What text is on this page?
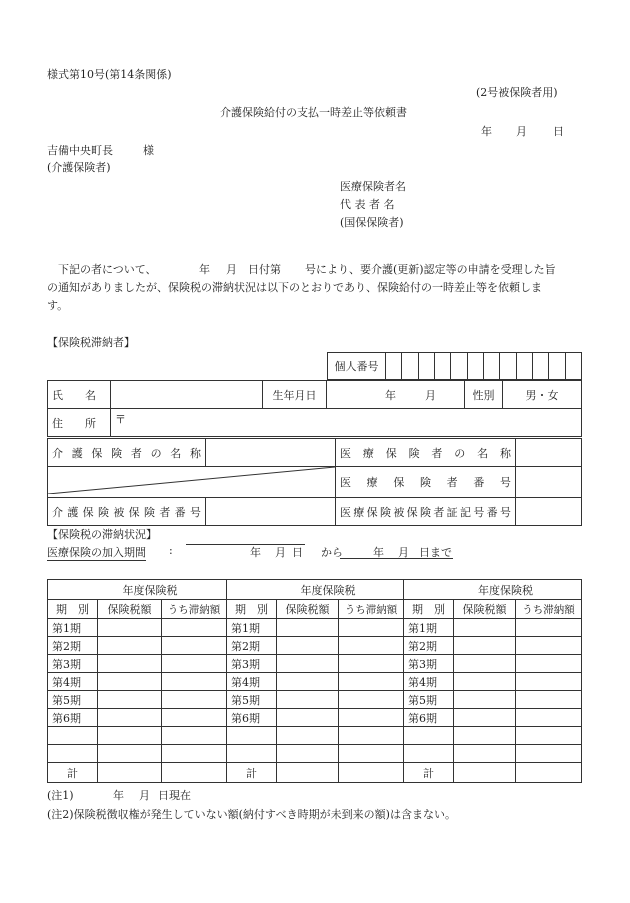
様式第10号(第14条関係)
(2号被保険者用)
介護保険給付の支払一時差止等依頼書
年 月 日
吉備中央町長	様
(介護保険者)
医療保険者名
代 表 者 名
(国保保険者)
下記の者について、	年 月 日付第 号により、要介護(更新)認定等の申請を受理した旨
の通知がありましたが、保険税の滞納状況は以下のとおりであり、保険給付の一時差止等を依頼しま
す。
【保険税滞納者】
個人番号												
氏　　名		生年月日	年 月	性別	男・女
住　　所	〒				
介護保険者の名称		医療保険者の名称	
	医療保険者番号	
介護保険被保険者番号		医療保険被保険者証記号番号	
【保険税の滞納状況】
医療保険の加入期間 :	年 月 日 から	年 月 日まで
年度保険税			年度保険税			年度保険税		
期　別	保険税額	うち滞納額	期　別	保険税額	うち滞納額	期　別	保険税額	うち滞納額
第1期			第1期			第1期		
第2期			第2期			第2期		
第3期			第3期			第3期		
第4期			第4期			第4期		
第5期			第5期			第5期		
第6期			第6期			第6期		

計			計			計		
(注1)	年 月 日現在
(注2)保険税徴収権が発生していない額(納付すべき時期が未到来の額)は含まない。
